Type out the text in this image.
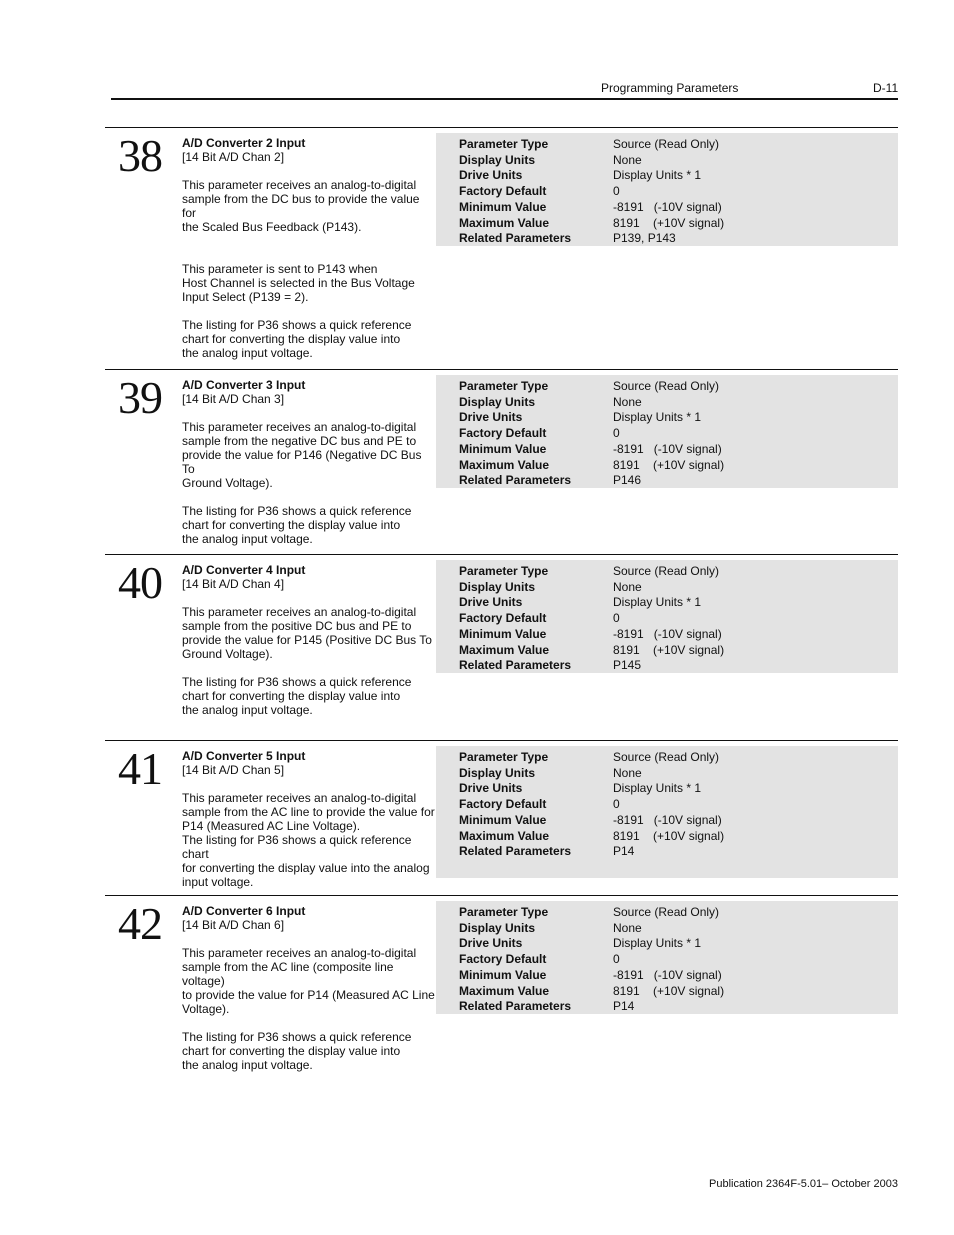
Programming Parameters	D-11
38 A/D Converter 2 Input

[14 Bit A/D Chan 2]

This parameter receives an analog-to-digital

sample from the DC bus to provide the value for

the Scaled Bus Feedback (P143).

This parameter is sent to P143 when

Host Channel is selected in the Bus Voltage

Input Select (P139 = 2).

The listing for P36 shows a quick reference

chart for converting the display value into

the analog input voltage.

Parameter Type	Source (Read Only)
Display Units	None
Drive Units	Display Units * 1
Factory Default	0
Minimum Value	-8191   (-10V signal)
Maximum Value	8191    (+10V signal)
Related Parameters	P139, P143
39 A/D Converter 3 Input

[14 Bit A/D Chan 3]

This parameter receives an analog-to-digital

sample from the negative DC bus and PE to

provide the value for P146 (Negative DC Bus To

Ground Voltage).

The listing for P36 shows a quick reference

chart for converting the display value into

the analog input voltage.

Parameter Type	Source (Read Only)
Display Units	None
Drive Units	Display Units * 1
Factory Default	0
Minimum Value	-8191   (-10V signal)
Maximum Value	8191    (+10V signal)
Related Parameters	P146
40 A/D Converter 4 Input

[14 Bit A/D Chan 4]

This parameter receives an analog-to-digital

sample from the positive DC bus and PE to

provide the value for P145 (Positive DC Bus To

Ground Voltage).

The listing for P36 shows a quick reference

chart for converting the display value into

the analog input voltage.

Parameter Type	Source (Read Only)
Display Units	None
Drive Units	Display Units * 1
Factory Default	0
Minimum Value	-8191   (-10V signal)
Maximum Value	8191    (+10V signal)
Related Parameters	P145
41 A/D Converter 5 Input

[14 Bit A/D Chan 5]

This parameter receives an analog-to-digital

sample from the AC line to provide the value for

P14 (Measured AC Line Voltage).

The listing for P36 shows a quick reference chart

for converting the display value into the analog

input voltage.

Parameter Type	Source (Read Only)
Display Units	None
Drive Units	Display Units * 1
Factory Default	0
Minimum Value	-8191   (-10V signal)
Maximum Value	8191    (+10V signal)
Related Parameters	P14
42 A/D Converter 6 Input

[14 Bit A/D Chan 6]

This parameter receives an analog-to-digital

sample from the AC line (composite line voltage)

to provide the value for P14 (Measured AC Line

Voltage).

The listing for P36 shows a quick reference

chart for converting the display value into

the analog input voltage.

Parameter Type	Source (Read Only)
Display Units	None
Drive Units	Display Units * 1
Factory Default	0
Minimum Value	-8191   (-10V signal)
Maximum Value	8191    (+10V signal)
Related Parameters	P14
Publication 2364F-5.01– October 2003
